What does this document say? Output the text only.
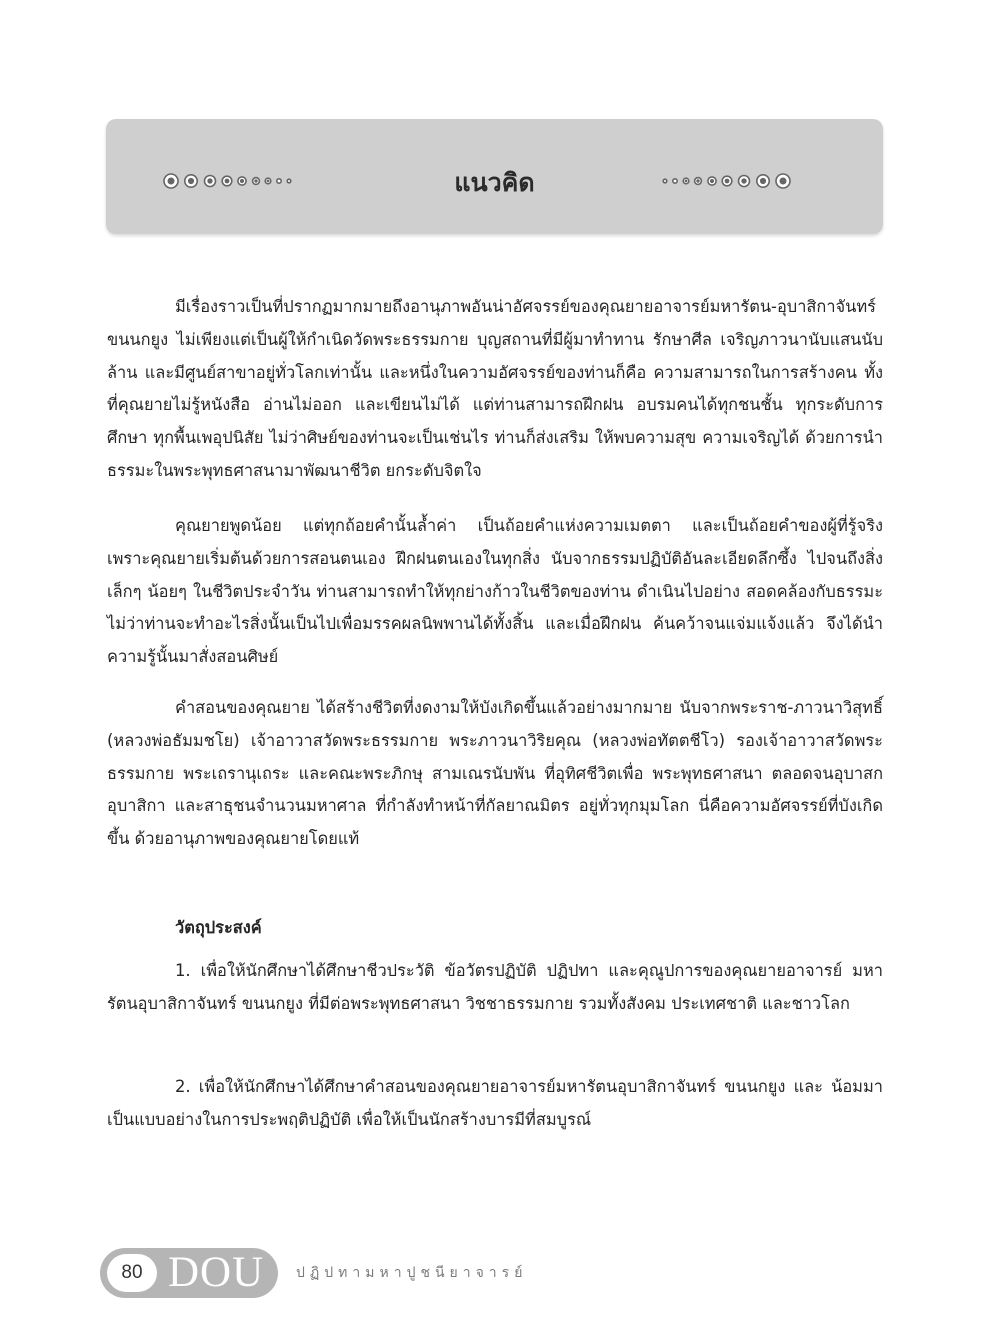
แนวคิด

มีเรื่องราวเป็นที่ปรากฏมากมายถึงอานุภาพอันน่าอัศจรรย์ของคุณยายอาจารย์มหารัตน-อุบาสิกาจันทร์ ขนนกยูง ไม่เพียงแต่เป็นผู้ให้กำเนิดวัดพระธรรมกาย บุญสถานที่มีผู้มาทำทาน รักษาศีล เจริญภาวนานับแสนนับล้าน และมีศูนย์สาขาอยู่ทั่วโลกเท่านั้น และหนึ่งในความอัศจรรย์ของท่านก็คือ ความสามารถในการสร้างคน ทั้งที่คุณยายไม่รู้หนังสือ อ่านไม่ออก และเขียนไม่ได้ แต่ท่านสามารถฝึกฝน อบรมคนได้ทุกชนชั้น ทุกระดับการศึกษา ทุกพื้นเพอุปนิสัย ไม่ว่าศิษย์ของท่านจะเป็นเช่นไร ท่านก็ส่งเสริม ให้พบความสุข ความเจริญได้ ด้วยการนำธรรมะในพระพุทธศาสนามาพัฒนาชีวิต ยกระดับจิตใจ

คุณยายพูดน้อย แต่ทุกถ้อยคำนั้นล้ำค่า เป็นถ้อยคำแห่งความเมตตา และเป็นถ้อยคำของผู้ที่รู้จริง เพราะคุณยายเริ่มต้นด้วยการสอนตนเอง ฝึกฝนตนเองในทุกสิ่ง นับจากธรรมปฏิบัติอันละเอียดลึกซึ้ง ไปจนถึงสิ่งเล็กๆ น้อยๆ ในชีวิตประจำวัน ท่านสามารถทำให้ทุกย่างก้าวในชีวิตของท่าน ดำเนินไปอย่าง สอดคล้องกับธรรมะ ไม่ว่าท่านจะทำอะไรสิ่งนั้นเป็นไปเพื่อมรรคผลนิพพานได้ทั้งสิ้น และเมื่อฝึกฝน ค้นคว้าจนแจ่มแจ้งแล้ว จึงได้นำความรู้นั้นมาสั่งสอนศิษย์

คำสอนของคุณยาย ได้สร้างชีวิตที่งดงามให้บังเกิดขึ้นแล้วอย่างมากมาย นับจากพระราช-ภาวนาวิสุทธิ์ (หลวงพ่อธัมมชโย) เจ้าอาวาสวัดพระธรรมกาย พระภาวนาวิริยคุณ (หลวงพ่อทัตตชีโว) รองเจ้าอาวาสวัดพระธรรมกาย พระเถรานุเถระ และคณะพระภิกษุ สามเณรนับพัน ที่อุทิศชีวิตเพื่อ พระพุทธศาสนา ตลอดจนอุบาสก อุบาสิกา และสาธุชนจำนวนมหาศาล ที่กำลังทำหน้าที่กัลยาณมิตร อยู่ทั่วทุกมุมโลก นี่คือความอัศจรรย์ที่บังเกิดขึ้น ด้วยอานุภาพของคุณยายโดยแท้

วัตถุประสงค์

1. เพื่อให้นักศึกษาได้ศึกษาชีวประวัติ ข้อวัตรปฏิบัติ ปฏิปทา และคุณูปการของคุณยายอาจารย์ มหารัตนอุบาสิกาจันทร์ ขนนกยูง ที่มีต่อพระพุทธศาสนา วิชชาธรรมกาย รวมทั้งสังคม ประเทศชาติ และชาวโลก

2. เพื่อให้นักศึกษาได้ศึกษาคำสอนของคุณยายอาจารย์มหารัตนอุบาสิกาจันทร์ ขนนกยูง และ น้อมมาเป็นแบบอย่างในการประพฤติปฏิบัติ เพื่อให้เป็นนักสร้างบารมีที่สมบูรณ์

80 DOU ปฏิปทามหาปูชนียาจารย์
